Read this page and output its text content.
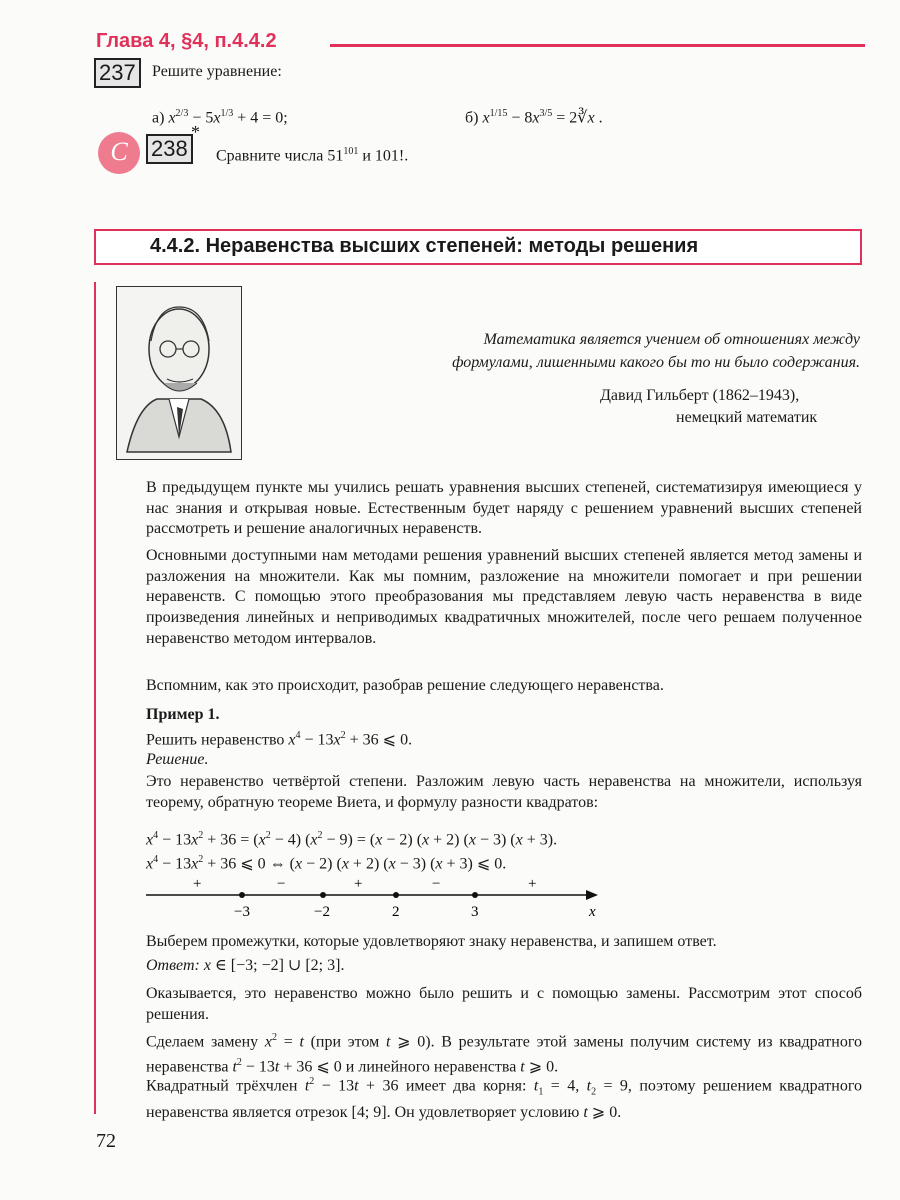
Глава 4, §4, п.4.4.2
237	Решите уравнение:
а) $x^{2/3} - 5x^{1/3} + 4 = 0$;	б) $x^{1/15} - 8x^{3/5}$ = 2∛x .
С	238
*
Сравните числа $51^{101}$ и 101!.
4.4.2. Неравенства высших степеней: методы решения
Математика является учением об отношениях между
формулами, лишенными какого бы то ни было содержания.
Давид Гильберт (1862–1943),
немецкий математик
В предыдущем пункте мы учились решать уравнения высших степеней, систематизируя имеющиеся у нас знания и открывая новые. Естественным будет наряду с решением уравнений высших степеней рассмотреть и решение аналогичных неравенств.
Основными доступными нам методами решения уравнений высших степеней является метод замены и разложения на множители. Как мы помним, разложение на множители помогает и при решении неравенств. С помощью этого преобразования мы представляем левую часть неравенства в виде произведения линейных и неприводимых квадратичных множителей, после чего решаем полученное неравенство методом интервалов.
Вспомним, как это происходит, разобрав решение следующего неравенства.
Пример 1.
Решить неравенство $x^4 - 13x^2 + 36$ ⩽ 0.
Решение.
Это неравенство четвёртой степени. Разложим левую часть неравенства на множители, используя теорему, обратную теореме Виета, и формулу разности квадратов:
$x^4 - 13x^2 + 36 = (x^2 - 4) (x^2 - 9) = (x - 2) (x + 2) (x - 3) (x + 3)$.
$x^4 - 13x^2 + 36$ ⩽ 0 ⇔ (x − 2) (x + 2) (x − 3) (x + 3) ⩽ 0.
+	−	+	−	+
−3	−2	2	3	x
Выберем промежутки, которые удовлетворяют знаку неравенства, и запишем ответ.
Ответ: x ∈ [−3; −2] ∪ [2; 3].
Оказывается, это неравенство можно было решить и с помощью замены. Рассмотрим этот способ решения.
Сделаем замену $x^2 = t$ (при этом t ⩾ 0). В результате этой замены получим систему из квадратного неравенства $t^2 - 13t + 36$ ⩽ 0 и линейного неравенства t ⩾ 0.
Квадратный трёхчлен $t^2 - 13t + 36$ имеет два корня: $t_1 = 4$, $t_2 = 9$, поэтому решением квадратного неравенства является отрезок [4; 9]. Он удовлетворяет условию t ⩾ 0.
72
